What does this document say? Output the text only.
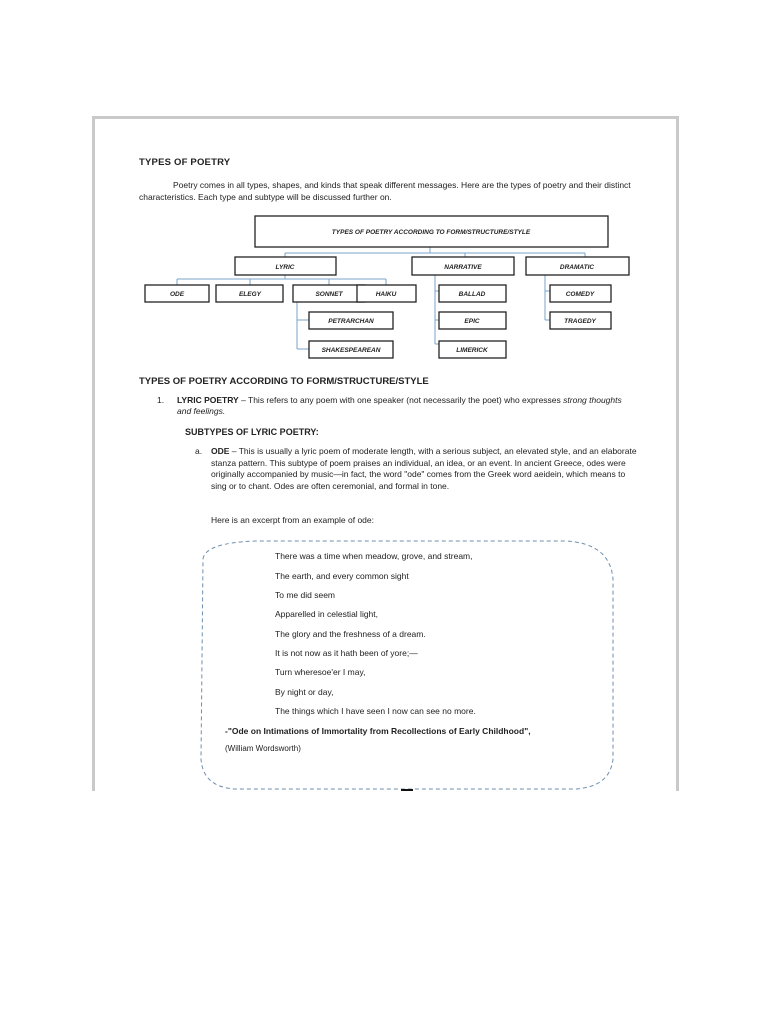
TYPES OF POETRY
Poetry comes in all types, shapes, and kinds that speak different messages. Here are the types of poetry and their distinct characteristics. Each type and subtype will be discussed further on.
TYPES OF POETRY ACCORDING TO FORM/STRUCTURE/STYLE
LYRIC	NARRATIVE	DRAMATIC
ODE	ELEGY	SONNET	HAIKU	BALLAD	COMEDY
PETRARCHAN	EPIC	TRAGEDY
SHAKESPEAREAN	LIMERICK
TYPES OF POETRY ACCORDING TO FORM/STRUCTURE/STYLE
1. LYRIC POETRY – This refers to any poem with one speaker (not necessarily the poet) who expresses strong thoughts and feelings.
SUBTYPES OF LYRIC POETRY:
a. ODE – This is usually a lyric poem of moderate length, with a serious subject, an elevated style, and an elaborate stanza pattern. This subtype of poem praises an individual, an idea, or an event. In ancient Greece, odes were originally accompanied by music—in fact, the word "ode" comes from the Greek word aeidein, which means to sing or to chant. Odes are often ceremonial, and formal in tone.
Here is an excerpt from an example of ode:
There was a time when meadow, grove, and stream,
The earth, and every common sight
To me did seem
Apparelled in celestial light,
The glory and the freshness of a dream.
It is not now as it hath been of yore;—
Turn wheresoe'er I may,
By night or day,
The things which I have seen I now can see no more.
-"Ode on Intimations of Immortality from Recollections of Early Childhood",
(William Wordsworth)
